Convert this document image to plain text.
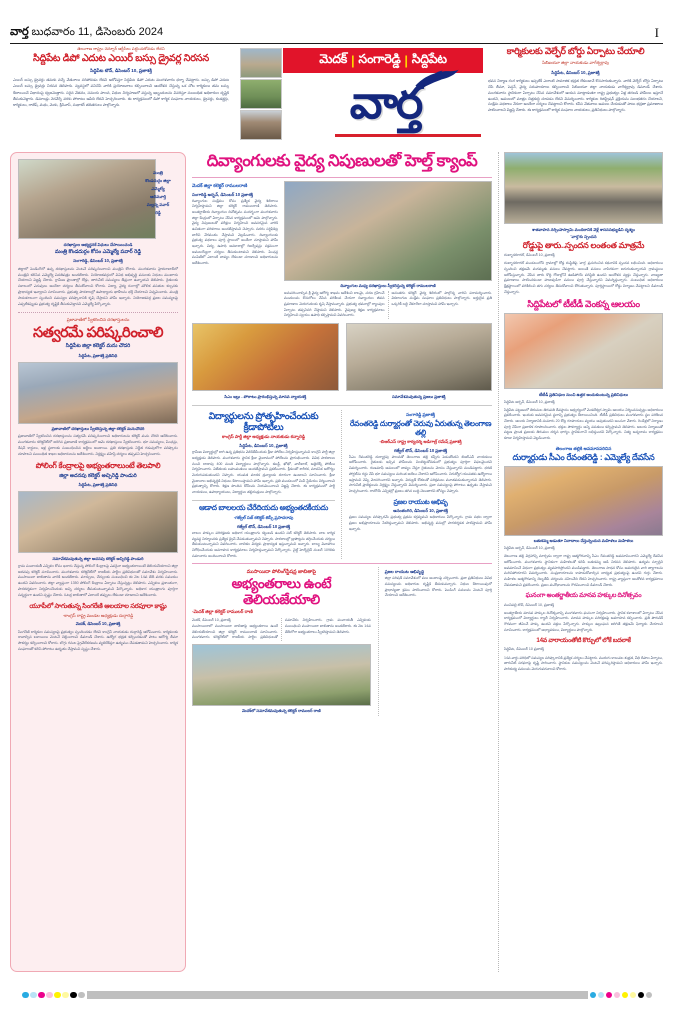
వార్త బుధవారం 11, డిసెంబరు 2024	I
తెలంగాణ రాష్ట్రం చెన్నూర్ ఆర్టీసీలు పట్టించుకోవడం లేదని
సిద్దిపేట డిపో ఎదుట ఎయిర్ బస్సు డ్రైవర్ల నిరసన
సిద్దిపేట టౌన్, డిసెంబర్ 10, ప్రజాశక్తి
ఎయిర్ బస్సు డ్రైవర్లు తమకు వచ్చే వేతనాలు సరిపోవడం లేదని ఆరోపిస్తూ సిద్దిపేట డిపో ఎదుట మంగళవారం ధర్నా చేపట్టారు. బస్సు డిపో ఎదుట ఎయిర్ బస్సు డ్రైవర్లు నిరసన తెలిపారు. వ్యవస్థలో పనిచేసే వారికి ప్రయోజనాలు కల్పించాలని ఆందోళన చేస్తున్న ఒక చోట కార్మికులు తమ బస్సు కేటాయించే విధానంపై ధ్వజమెత్తారు. సరైన వేతనం, సమయ పాలన, విధుల నిర్వహణలో వస్తున్న ఇబ్బందులను వివరిస్తూ సంబంధిత అధికారుల దృష్టికి తీసుకువెళ్లారు. డిమాండ్లు నెరవేర్చే వరకు పోరాటం ఆపేది లేదని హెచ్చరించారు. ఈ కార్యక్రమంలో డిపో కార్మిక సంఘాల నాయకులు, డ్రైవర్లు, కండక్టర్లు, కార్మికులు, రాజేష్, మధు, వెంకు, శ్రీనివాస్, సుధాకర్ తదితరులు పాల్గొన్నారు.
మెదక్ | సంగారెడ్డి | సిద్దిపేట
వార్త
కార్మికులకు వెల్ఫేర్ బోర్డు ఏర్పాటు చేయాలి
సిబిఐయూ జిల్లా నాయకుడు వాగేశ్వర్రావు
సిద్దిపేట, డిసెంబర్ 10, ప్రజాశక్తి
భవన నిర్మాణ రంగ కార్మికులు ఇప్పటికీ ఎలాంటి సామాజిక భద్రత లేకుండానే కొనసాగుతున్నారు. వారికి వెల్ఫేర్ బోర్డు ఏర్పాటు చేసి బీమా, పెన్షన్, వైద్య సదుపాయాలు కల్పించాలని సిబిఐయూ జిల్లా నాయకుడు వాగేశ్వర్రావు డిమాండ్ చేశారు. మంగళవారం స్థానికంగా ఏర్పాటు చేసిన సమావేశంలో ఆయన మాట్లాడుతూ రాష్ట్ర ప్రభుత్వం ఏళ్ల తరబడి హామీలు ఇస్తూనే ఉందని, అమలులో మాత్రం చిత్తశుద్ధి చూపడం లేదని విమర్శించారు. కార్మికుల రిజిస్ట్రేషన్ ప్రక్రియను సులభతరం చేయాలని, సంక్షేమ పథకాలు నేరుగా అందేలా చర్యలు చేపట్టాలని కోరారు. కనీస వేతనాలు అమలు చేయడంతో పాటు భద్రతా ప్రమాణాలు పాటించాలని విజ్ఞప్తి చేశారు. ఈ కార్యక్రమంలో కార్మిక సంఘాల నాయకులు, ప్రతినిధులు పాల్గొన్నారు.
మంత్రి కొండదుర్గం జిల్లా ఎమ్మెల్యే ఆదిమూర్తి మల్లన్న పవార్ రెడ్డి
దరఖాస్తుల అభ్యర్థనకే విధులు చేసాయించండి
మంత్రి కొండదుర్గం కోసం ఎమ్మెల్యే పవార్ రెడ్డి
సంగారెడ్డి, డిసెంబర్ 10, ప్రజాశక్తి
జిల్లాలో పెండింగ్‌లో ఉన్న దరఖాస్తులను వెంటనే పరిష్కరించాలని మంత్రిని కోరారు. మంగళవారం హైదరాబాద్‌లో మంత్రిని కలిసిన ఎమ్మెల్యే వినతిపత్రం అందజేశారు. నియోజకవర్గంలో వివిధ అభివృద్ధి పనులకు నిధులు మంజూరు చేయాలని విజ్ఞప్తి చేశారు. గ్రామీణ ప్రాంతాల్లో రోడ్లు, తాగునీటి సమస్యలు తీవ్రంగా ఉన్నాయని తెలిపారు. రైతులకు సకాలంలో ఎరువులు అందేలా చర్యలు తీసుకోవాలని కోరారు. విద్యా, వైద్య రంగాల్లో మౌలిక వసతుల కల్పనకు ప్రాధాన్యత ఇవ్వాలని సూచించారు. ప్రభుత్వ పాఠశాలల్లో ఉపాధ్యాయ ఖాళీలను భర్తీ చేయాలని విన్నవించారు. మంత్రి సానుకూలంగా స్పందించి సమస్యల పరిష్కారానికి కృషి చేస్తానని హామీ ఇచ్చారు. నియోజకవర్గ ప్రజల సమస్యలపై ఎప్పటికప్పుడు ప్రభుత్వ దృష్టికి తీసుకువెళ్తానని ఎమ్మెల్యే పేర్కొన్నారు.
ప్రజావాణిలో స్వీకరించిన దరఖాస్తులను
సత్వరమే పరిష్కరించాలి
సిద్దిపేట జిల్లా కలెక్టర్ మను చౌదరి
సిద్దిపేట, ప్రజాశక్తి ప్రతినిధి
ప్రజావాణిలో దరఖాస్తులు స్వీకరిస్తున్న జిల్లా కలెక్టర్ మనుచౌదరి
ప్రజావాణిలో స్వీకరించిన దరఖాస్తులను సత్వరమే పరిష్కరించాలని అధికారులను కలెక్టర్ మను చౌదరి ఆదేశించారు. మంగళవారం కలెక్టరేట్‌లో జరిగిన ప్రజావాణి కార్యక్రమంలో ఆమె దరఖాస్తులు స్వీకరించారు. భూ సమస్యలు, పింఛన్లు, రేషన్ కార్డులు, ఇళ్ల స్థలాలకు సంబంధించిన అర్జీలు అందాయి. ప్రతి దరఖాస్తుకు నిర్ణీత గడువులోగా పరిష్కారం చూపాలని సంబంధిత శాఖల అధికారులను ఆదేశించారు. నిర్లక్ష్యం వహిస్తే చర్యలు తప్పవని హెచ్చరించారు.
పోలింగ్ కేంద్రాలపై అభ్యంతరాలుంటే తెలపాలి
జిల్లా అదనపు కలెక్టర్ అచ్చిరెడ్డి పాండురి
సిద్దిపేట, ప్రజాశక్తి ప్రతినిధి
సమావేశమవుతున్న జిల్లా అదనపు కలెక్టర్ అచ్చిరెడ్డి పాండురి
గ్రామ పంచాయతీ ఎన్నికల కోసం ఖరారు చేస్తున్న పోలింగ్ కేంద్రాలపై ఎవరైనా అభ్యంతరాలుంటే తెలియచేయాలని జిల్లా అదనపు కలెక్టర్ సూచించారు. మంగళవారం కలెక్టరేట్‌లో రాజకీయ పార్టీల ప్రతినిధులతో సమావేశం నిర్వహించారు. ముసాయిదా జాబితాను వారికి అందజేశారు. మార్పులు, చేర్పులకు సంబంధించి ఈ నెల 14వ తేదీ వరకు సమయం ఉందని వివరించారు. జిల్లా వ్యాప్తంగా 1350 పోలింగ్ కేంద్రాలు ఏర్పాటు చేస్తున్నట్లు తెలిపారు. ఎన్నికలు ప్రశాంతంగా, పారదర్శకంగా నిర్వహించేందుకు అన్ని చర్యలు తీసుకుంటున్నామని పేర్కొన్నారు. అధికార యంత్రాంగం పూర్తిగా సన్నద్ధంగా ఉందని స్పష్టం చేశారు. ఓటర్ల జాబితాలో ఎలాంటి తప్పులు లేకుండా చూడాలని ఆదేశించారు.
యూపీలో సాగుతున్న సింగరేణి ఆలయాల సరపూరా కాష్టు
-కాంగ్రెస్ రాష్ట్ర మండల అధ్యక్షుడు దుర్గారెడ్డి
మెదక్, డిసెంబర్ 10, ప్రజాశక్తి
సింగరేణి కార్మికుల సమస్యలపై ప్రభుత్వం స్పందించడం లేదని కాంగ్రెస్ నాయకుడు దుర్గారెడ్డి ఆరోపించారు. కార్మికులకు రావాల్సిన బకాయిలు వెంటనే చెల్లించాలని డిమాండ్ చేశారు. ఉద్యోగ భద్రత కల్పించడంతో పాటు ఆరోగ్య బీమా సౌకర్యం కల్పించాలని కోరారు. బొగ్గు గనుల ప్రైవేటీకరణను వ్యతిరేకిస్తూ ఉద్యమం చేపడతామని హెచ్చరించారు. కార్మిక సంఘాలతో కలిసి పోరాటం ఉధృతం చేస్తామని స్పష్టం చేశారు.
దివ్యాంగులకు వైద్య నిపుణులతో హెల్త్ క్యాంప్
మెదక్ జిల్లా కలెక్టర్ రాములరాణి
సంగారెడ్డి అర్బన్, డిసెంబర్ 10 ప్రజాశక్తి
దివ్యాంగుల సంక్షేమం కోసం ప్రత్యేక వైద్య శిబిరాలు నిర్వహిస్తామని జిల్లా కలెక్టర్ రాములరాణి తెలిపారు. అంతర్జాతీయ దివ్యాంగుల దినోత్సవం సందర్భంగా మంగళవారం జిల్లా కేంద్రంలో ఏర్పాటు చేసిన కార్యక్రమంలో ఆమె పాల్గొన్నారు. వైద్య నిపుణులతో పరీక్షలు నిర్వహించి అవసరమైన వారికి ఉచితంగా పరికరాలు అందజేస్తామని చెప్పారు. సదరం సర్టిఫికెట్ల జారీని వేగవంతం చేస్తామని వెల్లడించారు. దివ్యాంగులకు ప్రభుత్వ పథకాలు పూర్తి స్థాయిలో అందేలా చూస్తామని హామీ ఇచ్చారు. విద్య, ఉపాధి అవకాశాల్లో రిజర్వేషన్లు సక్రమంగా అమలయ్యేలా చర్యలు తీసుకుంటామని తెలిపారు. పింఛన్ల పంపిణీలో ఎలాంటి జాప్యం లేకుండా చూడాలని అధికారులను ఆదేశించారు.
దివ్యాంగుల మధ్య దరఖాస్తులు స్వీకరిస్తున్న కలెక్టర్ రాములరాణి
అనుసరించాల్సిన శ్రీ వైద్య ఆరోగ్య శాఖను ఆదేశించి కాలమై, చదల గ్రహించే మందులను కొనుగోలు చేసిన పరిశీలన చేయగా దివ్యాంగుల జీవన ప్రమాణాల మెరుగుదలకు కృషి చేస్తామన్నారు. ప్రభుత్వ భవనాల్లో ర్యాంపుల ఏర్పాటు తప్పనిసరి చేస్తామని తెలిపారు. నైపుణ్య శిక్షణ కార్యక్రమాలు నిర్వహించి స్వయం ఉపాధి కల్పిస్తామని వివరించారు.
అనంతరం కలెక్టర్ వైద్య శిబిరంలో పాల్గొన్న వారిని పరామర్శించారు. వికలాంగుల సంక్షేమ సంఘాల ప్రతినిధులు పాల్గొన్నారు. అర్హులైన ప్రతి ఒక్కరికీ లబ్ధి చేకూరేలా చూస్తామని హామీ ఇచ్చారు.
సిఎం ఇల్లు - పోరాటం ప్రారంభిస్తున్న మానవ న్యాయశక్తి	సమావేశమవుతున్న ప్రజలు ప్రజాశక్తి
విద్యార్థులను ప్రోత్సహించేందుకు క్రీడాపోటీలు
కాంగ్రెస్ పార్టీ జిల్లా అధ్యక్షుడు నాయకుడు కన్నారెడ్డి
సిద్దిపేట, డిసెంబర్ 10, ప్రజాశక్తి
గ్రామీణ విద్యార్థుల్లో దాగి ఉన్న ప్రతిభను వెలికితీసేందుకు క్రీడా పోటీలు నిర్వహిస్తున్నామని కాంగ్రెస్ పార్టీ జిల్లా అధ్యక్షుడు తెలిపారు. మంగళవారం స్థానిక క్రీడా మైదానంలో పోటీలను ప్రారంభించారు. వివిధ పాఠశాలల నుంచి దాదాపు 400 మంది విద్యార్థులు పాల్గొన్నారు. కబడ్డీ, ఖోఖో, వాలీబాల్, అథ్లెటిక్స్ పోటీలు నిర్వహించారు. విజేతలకు బహుమతులు అందజేస్తామని ప్రకటించారు. క్రీడలతో శారీరక, మానసిక ఆరోగ్యం మెరుగుపడుతుందని చెప్పారు. యువత మాదక ద్రవ్యాలకు దూరంగా ఉండాలని సూచించారు. క్రీడా మైదానాల అభివృద్ధికి నిధులు కేటాయిస్తామని హామీ ఇచ్చారు. ప్రతి మండలంలో మినీ స్టేడియం నిర్మించాలని ప్రభుత్వాన్ని కోరారు. శిక్షణ పొందిన కోచ్‌లను నియమించాలని విజ్ఞప్తి చేశారు. ఈ కార్యక్రమంలో పార్టీ నాయకులు, ఉపాధ్యాయులు, విద్యార్థుల తల్లిదండ్రులు పాల్గొన్నారు.
ఆడాద బాలలయ చేరేదియదు అభ్యంతదకీయదు
-గజ్వేల్ సబ్ కలెక్టర్ జెస్సీ ప్రసాదరావు
గజ్వేల్ టౌన్, డిసెంబర్ 10 ప్రజాశక్తి
బాలల హక్కుల పరిరక్షణకు అధికార యంత్రాంగం కట్టుబడి ఉందని సబ్ కలెక్టర్ తెలిపారు. బాల కార్మిక వ్యవస్థ నిర్మూలనకు ప్రత్యేక డ్రైవ్ చేపడుతున్నామని చెప్పారు. పాఠశాలల్లో డ్రాపౌట్లను తగ్గించేందుకు చర్యలు తీసుకుంటున్నామని వివరించారు. బాలికల విద్యకు ప్రాధాన్యత ఇస్తున్నామని అన్నారు. బాల్య వివాహాలు నిరోధించేందుకు అవగాహన కార్యక్రమాలు నిర్వహిస్తున్నామని పేర్కొన్నారు. చైల్డ్ హెల్ప్‌లైన్ నంబర్ 1098కు సమాచారం అందించాలని కోరారు.
సంగారెడ్డి ప్రజాశక్తి
రేవంతరెడ్డి దుర్మార్గంతో చెరువు ఏరుతున్న తెలంగాణ తల్లి
-బిఆర్ఎస్ రాష్ట్ర కార్యదర్శి అడిగాల్ర్ రమేష్ ప్రజాశక్తి
గజ్వేల్ టౌన్, డిసెంబర్ 10 ప్రజాశక్తి
సీఎం రేవంతరెడ్డి దుర్మార్గపు పాలనతో తెలంగాణ తల్లి కన్నీరు పెడుతోందని బిఆర్ఎస్ నాయకులు ఆరోపించారు. రైతులకు ఇచ్చిన హామీలను నిలబెట్టుకోవడంలో ప్రభుత్వం పూర్తిగా విఫలమైందని విమర్శించారు. రుణమాఫీ అమలులో జాప్యం చేస్తూ రైతులను మోసం చేస్తున్నారని మండిపడ్డారు. ధరణి పోర్టల్‌ను రద్దు చేసి భూ సమస్యలు మరింత జటిలం చేశారని ఆరోపించారు. నిరుద్యోగ యువతకు ఉద్యోగాలు ఇస్తామని చెప్పి మోసగించారని అన్నారు. విద్యుత్ కోతలతో పరిశ్రమలు మూతపడుతున్నాయని తెలిపారు. సాగునీటి ప్రాజెక్టులను నిర్లక్ష్యం చేస్తున్నారని విమర్శించారు. ప్రజా సమస్యలపై పోరాటం ఉధృతం చేస్తామని హెచ్చరించారు. రాబోయే ఎన్నికల్లో ప్రజలు తగిన బుద్ధి చెబుతారని జోస్యం చెప్పారు.
ప్రజల రాయుట అభివృ
అనంతంగిరి, డిసెంబర్ 10, ప్రజాశక్తి
ప్రజల సమస్యల పరిష్కారమే ప్రభుత్వ ప్రథమ కర్తవ్యమని అధికారులు పేర్కొన్నారు. గ్రామ సభల ద్వారా ప్రజల అభిప్రాయాలను సేకరిస్తున్నామని తెలిపారు. అభివృద్ధి పనుల్లో పారదర్శకత పాటిస్తామని హామీ ఇచ్చారు.
ముసాయిదా పోలింగ్‌స్టేషన్ల జాబితాపై
అభ్యంతరాలు ఉంటే తెలియజేయాలి
-మెదక్ జిల్లా కలెక్టర్ రాములర్ రాణి
మెదక్, డిసెంబర్ 10, ప్రజాశక్తి
ముసాయిదాలో ముసాయిదా జాబితాపై అభ్యంతరాలు ఉంటే తెలియజేయాలని జిల్లా కలెక్టర్ రాములరాణి సూచించారు. మంగళవారం కలెక్టరేట్‌లో రాజకీయ పార్టీల ప్రతినిధులతో సమావేశం నిర్వహించారు. గ్రామ పంచాయతీ ఎన్నికలకు సంబంధించి ముసాయిదా జాబితాను అందజేశారు. ఈ నెల 14వ తేదీలోగా అభ్యంతరాలు స్వీకరిస్తామని తెలిపారు.
మెదక్‌లో సమావేశమవుతున్న కలెక్టర్ రాములర్ రాణి
ప్రజల రాయుట అభివృద్ధి
జిల్లా పరిషత్ సమావేశంలో పలు అంశాలపై చర్చించారు. ప్రజా ప్రతినిధులు వివిధ సమస్యలను అధికారుల దృష్టికి తీసుకువచ్చారు. నిధుల కేటాయింపులో ప్రాధాన్యతా క్రమం పాటించాలని కోరారు. పెండింగ్ పనులను వెంటనే పూర్తి చేయాలని ఆదేశించారు.
శాతవాహన నర్సింహస్వామి మందిరానికి వెళ్లే శాసనసభ్యుడిని దృశ్యం
'వార్త'కు స్పందన
రోడ్డుపై తారు..స్పందన లంతంత మాత్రమే
దుబ్బాకరూరల్, డిసెంబర్ 10, ప్రజాశక్తి
దుబ్బాకరూరల్ మండలంలోని గ్రామాల్లో రోడ్ల దుస్థితిపై 'వార్త' ప్రచురించిన కథనానికి స్పందన లభించింది. అధికారులు స్పందించి తక్షణమే మరమ్మతు పనులు చేపట్టారు. అయితే పనులు నాసిరకంగా జరుగుతున్నాయని గ్రామస్థులు ఆరోపిస్తున్నారు. వేసిన తారు కొద్ది రోజుల్లోనే ఊడిపోయే పరిస్థితి ఉందని ఆందోళన వ్యక్తం చేస్తున్నారు. నాణ్యతా ప్రమాణాలు పాటించకుండా హడావుడిగా పనులు పూర్తి చేస్తున్నారని విమర్శిస్తున్నారు. సంబంధిత అధికారులు క్షేత్రస్థాయిలో పరిశీలించి తగు చర్యలు తీసుకోవాలని కోరుతున్నారు. పూర్తిస్థాయిలో రోడ్డు నిర్మాణం చేపట్టాలని డిమాండ్ చేస్తున్నారు.
సిద్దిపేటలో టీటీడీ వెంకన్న ఆలయం
టీటీడీ ప్రతినిధుల నుంచి ఉత్తర అందుకుంటున్న ప్రతినిధులు
సిద్దిపేట అర్బన్, డిసెంబర్ 10, ప్రజాశక్తి
సిద్దిపేట పట్టణంలో తిరుమల తిరుపతి దేవస్థానం ఆధ్వర్యంలో వెంకటేశ్వర స్వామి ఆలయం నిర్మించనున్నట్లు అధికారులు ప్రకటించారు. ఇందుకు అవసరమైన స్థలాన్ని ప్రభుత్వం కేటాయించింది. టీటీడీ ప్రతినిధులు మంగళవారం స్థల పరిశీలన చేశారు. ఆలయ నిర్మాణానికి సుమారు 20 కోట్ల రూపాయలు వ్యయం అవుతుందని అంచనా వేశారు. రెండేళ్లలో నిర్మాణం పూర్తి చేసేలా ప్రణాళిక రూపొందించారు. భక్తుల సౌకర్యార్థం అన్ని వసతులు కల్పిస్తామని తెలిపారు. ఆలయ నిర్మాణంతో పట్టణ ప్రాంత ప్రజలకు తిరుమల దర్శన భాగ్యం స్థానికంగానే లభిస్తుందని పేర్కొన్నారు. నిత్య అన్నదానం కార్యక్రమం కూడా నిర్వహిస్తామని వెల్లడించారు.
తెలంగాణ తల్లికి అవమానపరిచిన
దుర్మార్గుడు సీఎం రేవంతరెడ్డి : ఎమ్మెల్యే దేవసేన
బతుకమ్మ ఆడుతూ నినాదాలు చేస్తున్నందున మహిళలు మహిళలు
సిద్దిపేట అర్బన్, డిసెంబర్ 10, ప్రజాశక్తి
తెలంగాణ తల్లి విగ్రహాన్ని మార్చడం ద్వారా రాష్ట్ర ఆత్మగౌరవాన్ని సీఎం రేవంతరెడ్డి అవమానించారని ఎమ్మెల్యే దేవసేన ఆరోపించారు. మంగళవారం స్థానికంగా మహిళలతో కలిసి బతుకమ్మ ఆడి నిరసన తెలిపారు. ఉద్యమ స్ఫూర్తిని అవమానించే విధంగా ప్రభుత్వం వ్యవహరిస్తోందని మండిపడ్డారు. తెలంగాణ సాధన కోసం అమరులైన వారి త్యాగాలను మరిచిపోయారని విమర్శించారు. సంప్రదాయాలను కాపాడుకోవాల్సిన బాధ్యత ప్రభుత్వంపై ఉందని గుర్తు చేశారు. మహిళల ఆత్మగౌరవాన్ని దెబ్బతీసే చర్యలను సహించేది లేదని హెచ్చరించారు. రాష్ట్ర వ్యాప్తంగా ఆందోళన కార్యక్రమాలు చేపడతామని ప్రకటించారు. ప్రజల మనోభావాలను గౌరవించాలని డిమాండ్ చేశారు.
ఘనంగా అంతర్జాతీయ మానవ హక్కుల దినోత్సవం
మునిపల్లి టౌన్, డిసెంబర్ 10, ప్రజాశక్తి
అంతర్జాతీయ మానవ హక్కుల దినోత్సవాన్ని మంగళవారం ఘనంగా నిర్వహించారు. స్థానిక కళాశాలలో ఏర్పాటు చేసిన కార్యక్రమంలో విద్యార్థులు ర్యాలీ నిర్వహించారు. మానవ హక్కుల పరిరక్షణపై అవగాహన కల్పించారు. ప్రతి పౌరుడికీ గౌరవంగా జీవించే హక్కు ఉందని వక్తలు పేర్కొన్నారు. హక్కుల ఉల్లంఘన జరిగితే తక్షణమే ఫిర్యాదు చేయాలని సూచించారు. కార్యక్రమంలో అధ్యాపకులు, విద్యార్థులు పాల్గొన్నారు.
14వ వారాయంతోటి కొర్చులో లోకే బదలాకే
సిద్దిపేట, డిసెంబర్ 10 ప్రజాశక్తి
14వ వార్డు పరిధిలో సమస్యల పరిష్కారానికి ప్రత్యేక చర్యలు చేపట్టారు. మురుగు కాలువల శుభ్రత, వీధి దీపాల ఏర్పాటు, తాగునీటి సరఫరాపై దృష్టి సారించారు. స్థానికుల సమస్యలను వెంటనే పరిష్కరిస్తామని అధికారులు హామీ ఇచ్చారు. పారిశుధ్య పనులను మెరుగుపరచాలని కోరారు.
